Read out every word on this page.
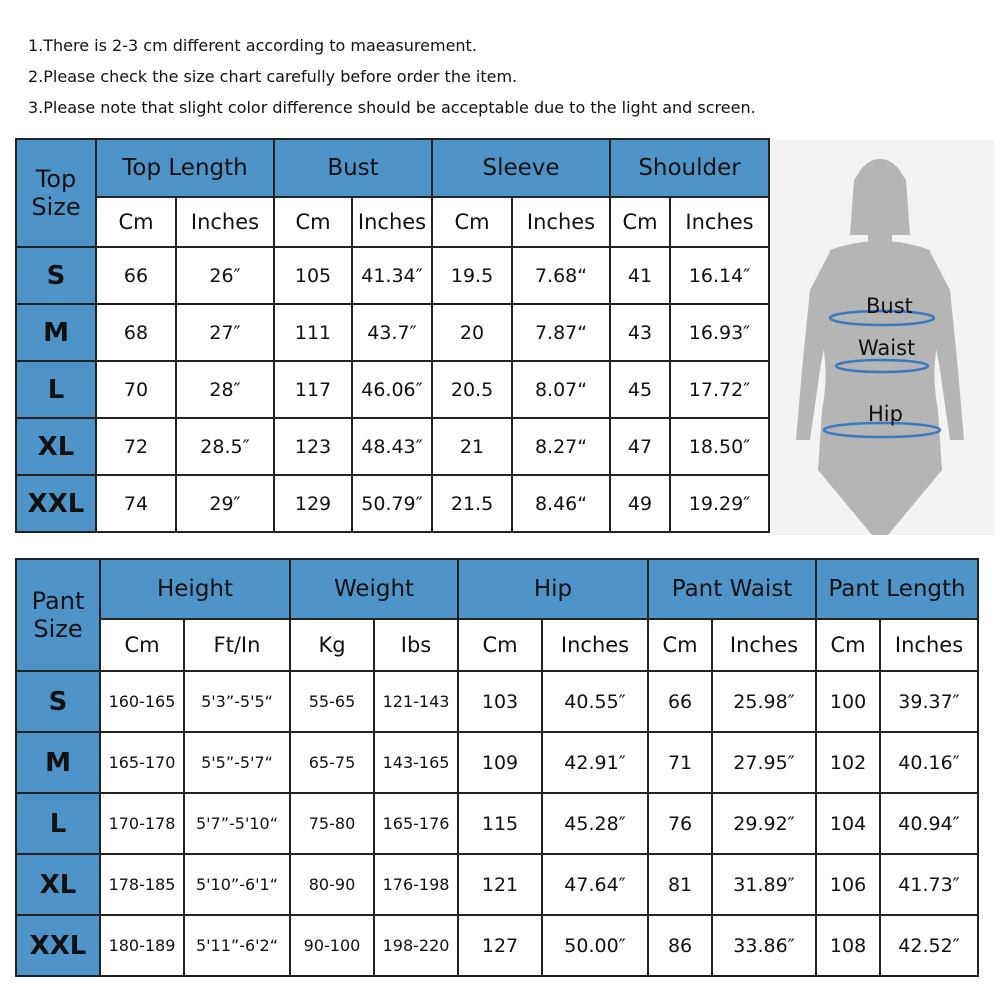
1.There is 2-3 cm different according to maeasurement.
2.Please check the size chart carefully before order the item.
3.Please note that slight color difference should be acceptable due to the light and screen.
Top
Size	Top Length		Bust		Sleeve		Shoulder	
	Cm	Inches	Cm	Inches	Cm	Inches	Cm	Inches
S	66	26″	105	41.34″	19.5	7.68“	41	16.14″
M	68	27″	111	43.7″	20	7.87“	43	16.93″
L	70	28″	117	46.06″	20.5	8.07“	45	17.72″
XL	72	28.5″	123	48.43″	21	8.27“	47	18.50″
XXL	74	29″	129	50.79″	21.5	8.46“	49	19.29″
Bust
Waist
Hip
Pant
Size	Height		Weight		Hip		Pant Waist		Pant Length	
	Cm	Ft/In	Kg	Ibs	Cm	Inches	Cm	Inches	Cm	Inches
S	160-165	5'3”-5'5“	55-65	121-143	103	40.55″	66	25.98″	100	39.37″
M	165-170	5'5”-5'7“	65-75	143-165	109	42.91″	71	27.95″	102	40.16″
L	170-178	5'7”-5'10“	75-80	165-176	115	45.28″	76	29.92″	104	40.94″
XL	178-185	5'10”-6'1“	80-90	176-198	121	47.64″	81	31.89″	106	41.73″
XXL	180-189	5'11”-6'2“	90-100	198-220	127	50.00″	86	33.86″	108	42.52″
